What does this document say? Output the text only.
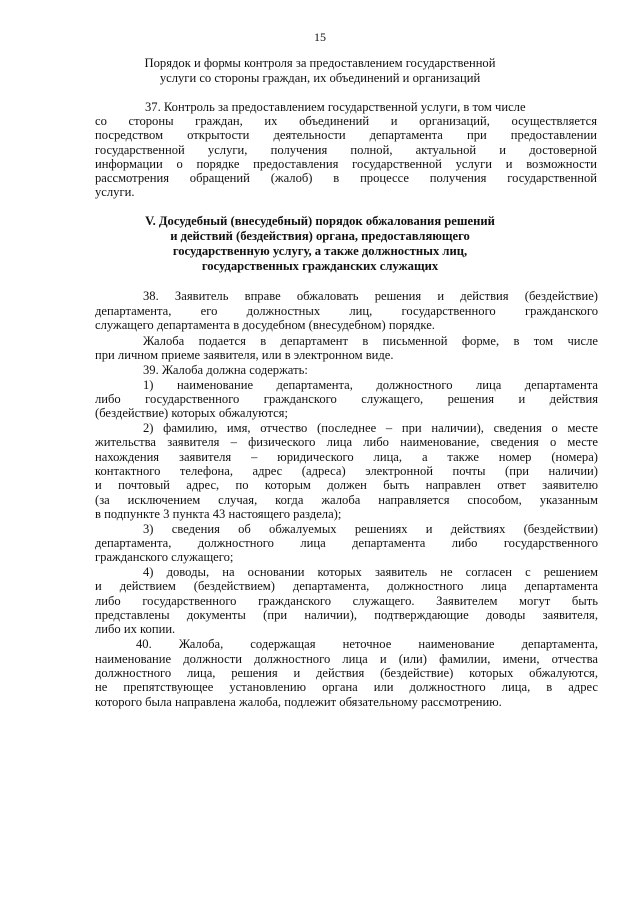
15
Порядок и формы контроля за предоставлением государственной
услуги со стороны граждан, их объединений и организаций
37. Контроль за предоставлением государственной услуги, в том числе
со стороны граждан, их объединений и организаций, осуществляется
посредством открытости деятельности департамента при предоставлении
государственной услуги, получения полной, актуальной и достоверной
информации о порядке предоставления государственной услуги и возможности
рассмотрения обращений (жалоб) в процессе получения государственной
услуги.
V. Досудебный (внесудебный) порядок обжалования решений
и действий (бездействия) органа, предоставляющего
государственную услугу, а также должностных лиц,
государственных гражданских служащих
38. Заявитель вправе обжаловать решения и действия (бездействие)
департамента, его должностных лиц, государственного гражданского
служащего департамента в досудебном (внесудебном) порядке.
Жалоба подается в департамент в письменной форме, в том числе
при личном приеме заявителя, или в электронном виде.
39. Жалоба должна содержать:
1) наименование департамента, должностного лица департамента
либо государственного гражданского служащего, решения и действия
(бездействие) которых обжалуются;
2) фамилию, имя, отчество (последнее – при наличии), сведения о месте
жительства заявителя – физического лица либо наименование, сведения о месте
нахождения заявителя – юридического лица, а также номер (номера)
контактного телефона, адрес (адреса) электронной почты (при наличии)
и почтовый адрес, по которым должен быть направлен ответ заявителю
(за исключением случая, когда жалоба направляется способом, указанным
в подпункте 3 пункта 43 настоящего раздела);
3) сведения об обжалуемых решениях и действиях (бездействии)
департамента, должностного лица департамента либо государственного
гражданского служащего;
4) доводы, на основании которых заявитель не согласен с решением
и действием (бездействием) департамента, должностного лица департамента
либо государственного гражданского служащего. Заявителем могут быть
представлены документы (при наличии), подтверждающие доводы заявителя,
либо их копии.
40. Жалоба, содержащая неточное наименование департамента,
наименование должности должностного лица и (или) фамилии, имени, отчества
должностного лица, решения и действия (бездействие) которых обжалуются,
не препятствующее установлению органа или должностного лица, в адрес
которого была направлена жалоба, подлежит обязательному рассмотрению.
